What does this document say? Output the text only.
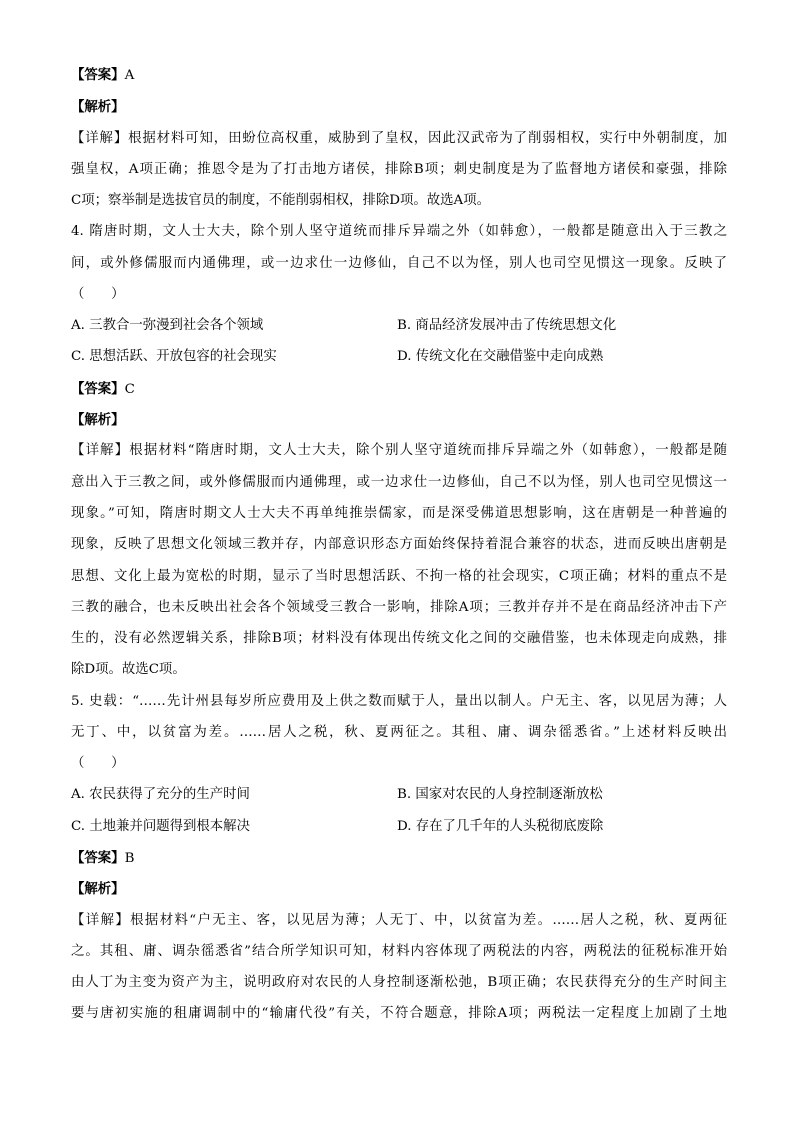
【答案】A
【解析】
【详解】根据材料可知，田蚡位高权重，威胁到了皇权，因此汉武帝为了削弱相权，实行中外朝制度，加
强皇权，A项正确；推恩令是为了打击地方诸侯，排除B项；刺史制度是为了监督地方诸侯和豪强，排除
C项；察举制是选拔官员的制度，不能削弱相权，排除D项。故选A项。
4. 隋唐时期，文人士大夫，除个别人坚守道统而排斥异端之外（如韩愈），一般都是随意出入于三教之
间，或外修儒服而内通佛理，或一边求仕一边修仙，自己不以为怪，别人也司空见惯这一现象。反映了
（　　）
A. 三教合一弥漫到社会各个领域	B. 商品经济发展冲击了传统思想文化
C. 思想活跃、开放包容的社会现实	D. 传统文化在交融借鉴中走向成熟
【答案】C
【解析】
【详解】根据材料“隋唐时期，文人士大夫，除个别人坚守道统而排斥异端之外（如韩愈），一般都是随
意出入于三教之间，或外修儒服而内通佛理，或一边求仕一边修仙，自己不以为怪，别人也司空见惯这一
现象。”可知，隋唐时期文人士大夫不再单纯推崇儒家，而是深受佛道思想影响，这在唐朝是一种普遍的
现象，反映了思想文化领域三教并存，内部意识形态方面始终保持着混合兼容的状态，进而反映出唐朝是
思想、文化上最为宽松的时期，显示了当时思想活跃、不拘一格的社会现实，C项正确；材料的重点不是
三教的融合，也未反映出社会各个领域受三教合一影响，排除A项；三教并存并不是在商品经济冲击下产
生的，没有必然逻辑关系，排除B项；材料没有体现出传统文化之间的交融借鉴，也未体现走向成熟，排
除D项。故选C项。
5. 史载：“……先计州县每岁所应费用及上供之数而赋于人，量出以制人。户无主、客，以见居为薄；人
无丁、中，以贫富为差。……居人之税，秋、夏两征之。其租、庸、调杂徭悉省。”上述材料反映出
（　　）
A. 农民获得了充分的生产时间	B. 国家对农民的人身控制逐渐放松
C. 土地兼并问题得到根本解决	D. 存在了几千年的人头税彻底废除
【答案】B
【解析】
【详解】根据材料“户无主、客，以见居为薄；人无丁、中，以贫富为差。……居人之税，秋、夏两征
之。其租、庸、调杂徭悉省”结合所学知识可知，材料内容体现了两税法的内容，两税法的征税标准开始
由人丁为主变为资产为主，说明政府对农民的人身控制逐渐松弛，B项正确；农民获得充分的生产时间主
要与唐初实施的租庸调制中的“输庸代役”有关，不符合题意，排除A项；两税法一定程度上加剧了土地
